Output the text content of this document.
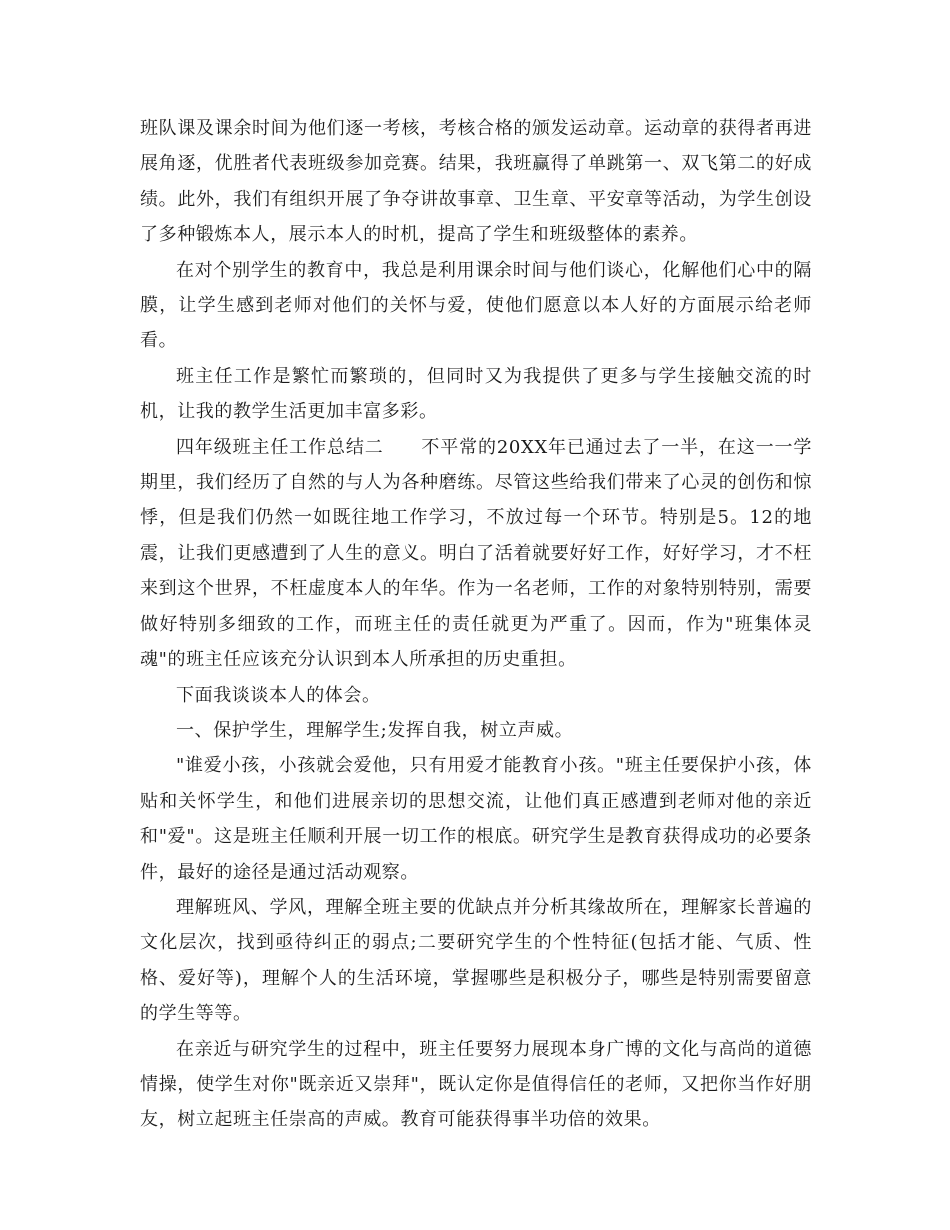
班队课及课余时间为他们逐一考核，考核合格的颁发运动章。运动章的获得者再进展角逐，优胜者代表班级参加竞赛。结果，我班赢得了单跳第一、双飞第二的好成绩。此外，我们有组织开展了争夺讲故事章、卫生章、平安章等活动，为学生创设了多种锻炼本人，展示本人的时机，提高了学生和班级整体的素养。

在对个别学生的教育中，我总是利用课余时间与他们谈心，化解他们心中的隔膜，让学生感到老师对他们的关怀与爱，使他们愿意以本人好的方面展示给老师看。

班主任工作是繁忙而繁琐的，但同时又为我提供了更多与学生接触交流的时机，让我的教学生活更加丰富多彩。

四年级班主任工作总结二　　不平常的20XX年已通过去了一半，在这一一学期里，我们经历了自然的与人为各种磨练。尽管这些给我们带来了心灵的创伤和惊悸，但是我们仍然一如既往地工作学习，不放过每一个环节。特别是5。12的地震，让我们更感遭到了人生的意义。明白了活着就要好好工作，好好学习，才不枉来到这个世界，不枉虚度本人的年华。作为一名老师，工作的对象特别特别，需要做好特别多细致的工作，而班主任的责任就更为严重了。因而，作为"班集体灵魂"的班主任应该充分认识到本人所承担的历史重担。

下面我谈谈本人的体会。

一、保护学生，理解学生;发挥自我，树立声威。

"谁爱小孩，小孩就会爱他，只有用爱才能教育小孩。"班主任要保护小孩，体贴和关怀学生，和他们进展亲切的思想交流，让他们真正感遭到老师对他的亲近和"爱"。这是班主任顺利开展一切工作的根底。研究学生是教育获得成功的必要条件，最好的途径是通过活动观察。

理解班风、学风，理解全班主要的优缺点并分析其缘故所在，理解家长普遍的文化层次，找到亟待纠正的弱点;二要研究学生的个性特征(包括才能、气质、性格、爱好等)，理解个人的生活环境，掌握哪些是积极分子，哪些是特别需要留意的学生等等。

在亲近与研究学生的过程中，班主任要努力展现本身广博的文化与高尚的道德情操，使学生对你"既亲近又崇拜"，既认定你是值得信任的老师，又把你当作好朋友，树立起班主任崇高的声威。教育可能获得事半功倍的效果。
